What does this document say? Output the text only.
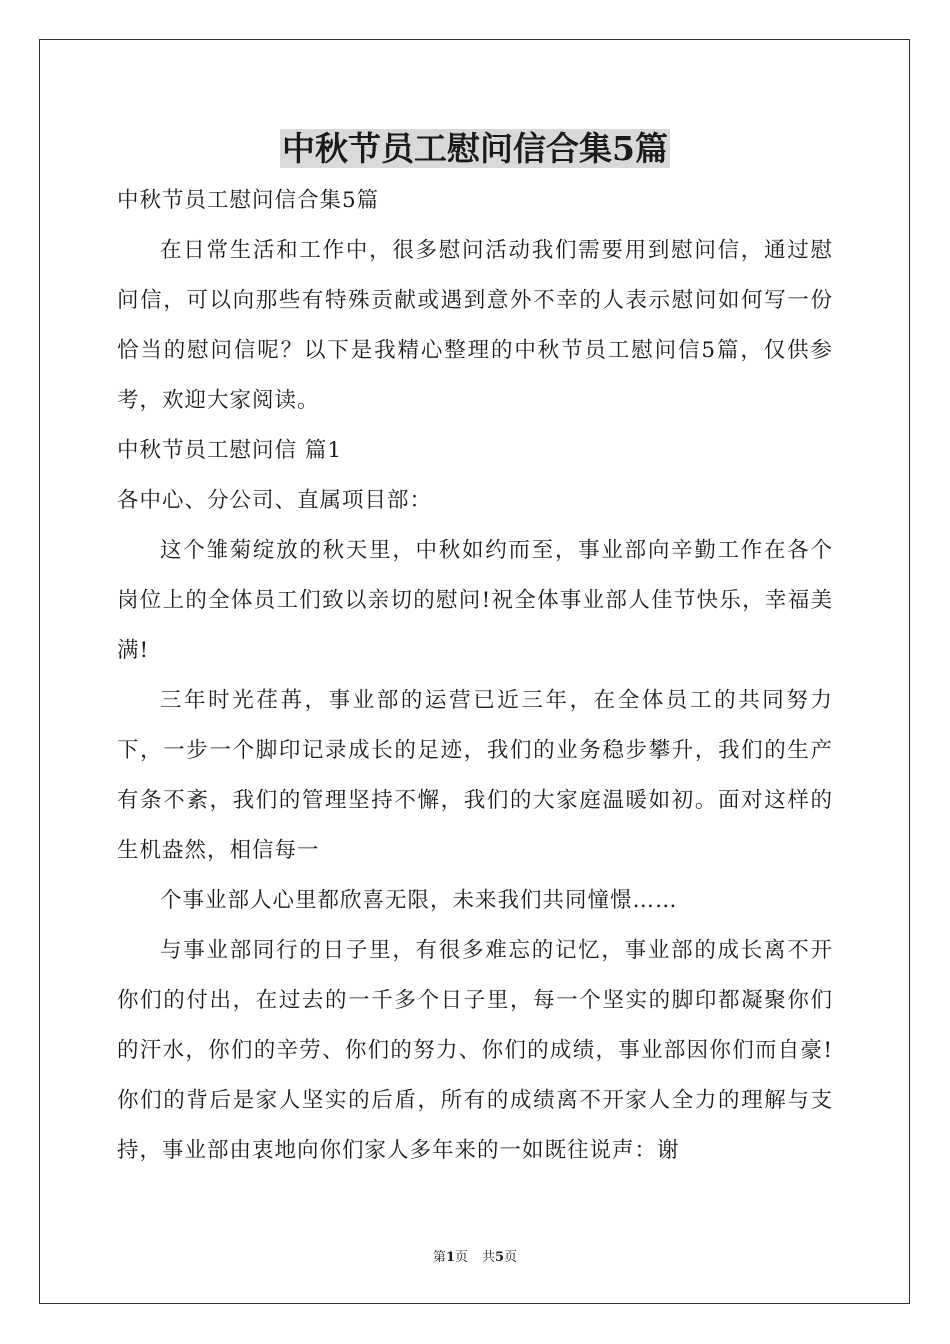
中秋节员工慰问信合集5篇

中秋节员工慰问信合集5篇

在日常生活和工作中，很多慰问活动我们需要用到慰问信，通过慰问信，可以向那些有特殊贡献或遇到意外不幸的人表示慰问如何写一份恰当的慰问信呢？以下是我精心整理的中秋节员工慰问信5篇，仅供参考，欢迎大家阅读。

中秋节员工慰问信 篇1

各中心、分公司、直属项目部：

这个雏菊绽放的秋天里，中秋如约而至，事业部向辛勤工作在各个岗位上的全体员工们致以亲切的慰问!祝全体事业部人佳节快乐，幸福美满!

三年时光荏苒，事业部的运营已近三年，在全体员工的共同努力下，一步一个脚印记录成长的足迹，我们的业务稳步攀升，我们的生产有条不紊，我们的管理坚持不懈，我们的大家庭温暖如初。面对这样的生机盎然，相信每一

个事业部人心里都欣喜无限，未来我们共同憧憬……

与事业部同行的日子里，有很多难忘的记忆，事业部的成长离不开你们的付出，在过去的一千多个日子里，每一个坚实的脚印都凝聚你们的汗水，你们的辛劳、你们的努力、你们的成绩，事业部因你们而自豪!你们的背后是家人坚实的后盾，所有的成绩离不开家人全力的理解与支持，事业部由衷地向你们家人多年来的一如既往说声：谢

第1页 共5页
